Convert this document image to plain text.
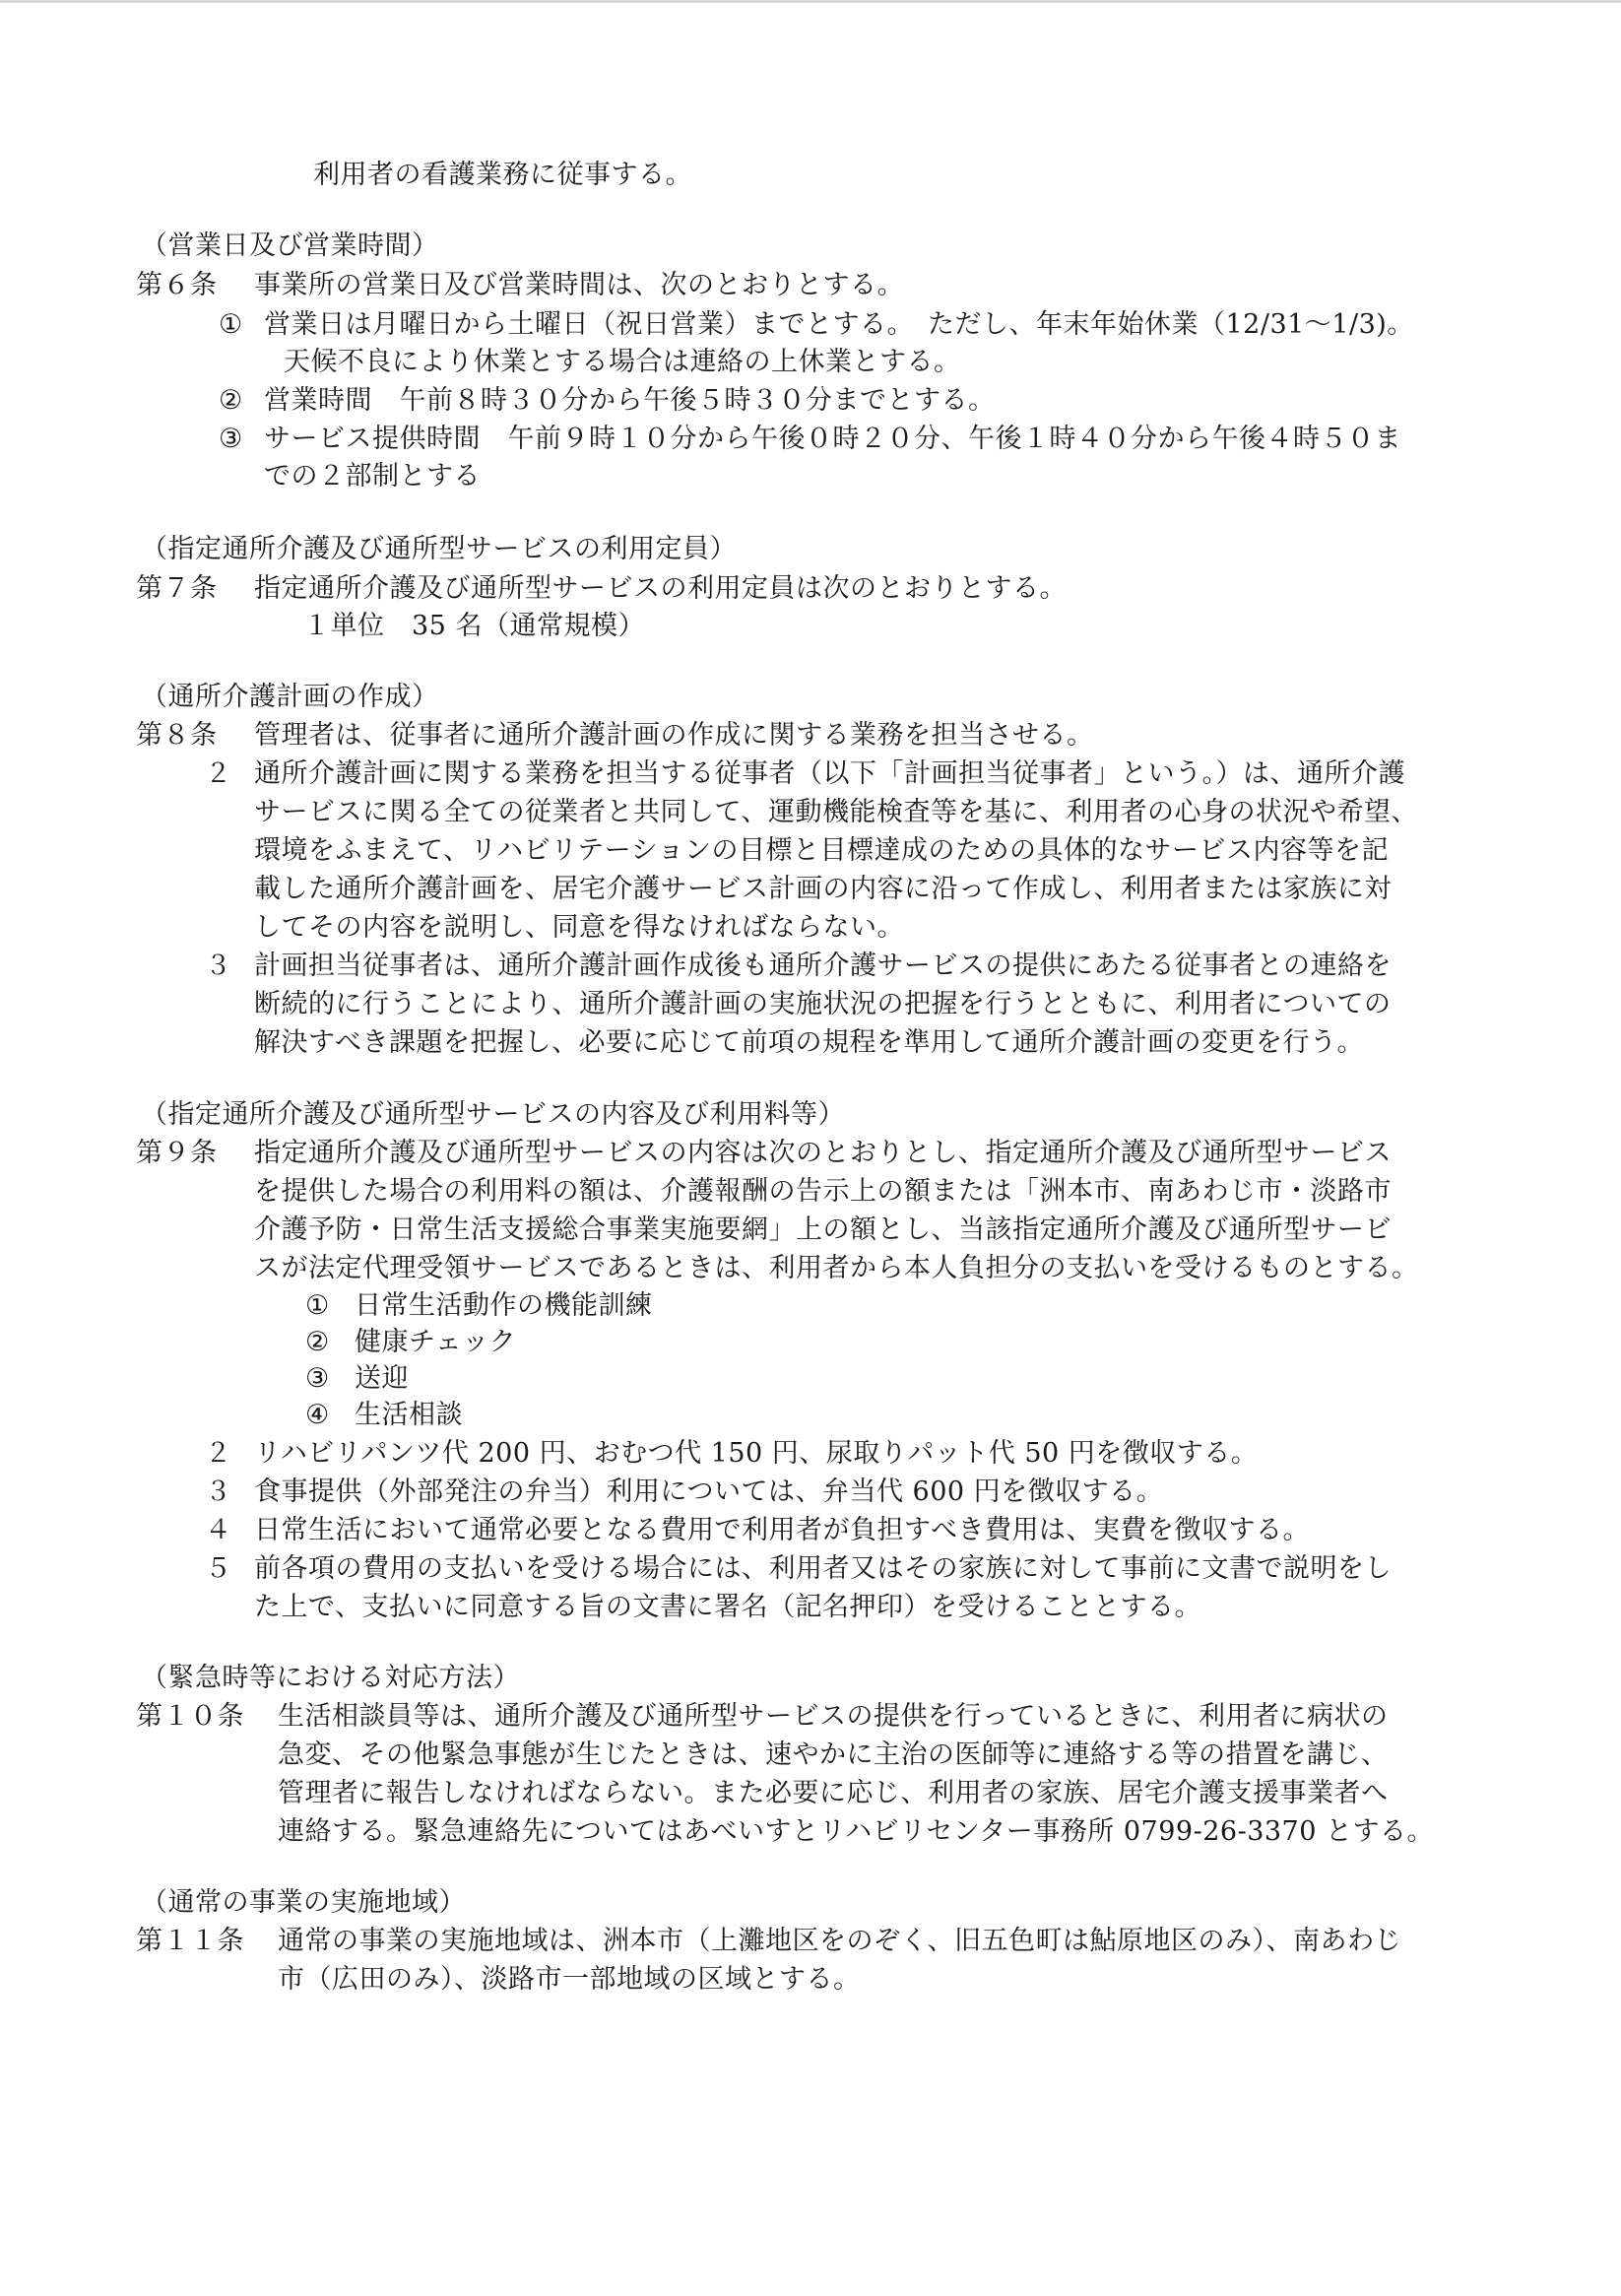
利用者の看護業務に従事する。
（営業日及び営業時間）
第６条 事業所の営業日及び営業時間は、次のとおりとする。
① 営業日は月曜日から土曜日（祝日営業）までとする。　ただし、年末年始休業（12/31〜1/3)。
天候不良により休業とする場合は連絡の上休業とする。
② 営業時間　午前８時３０分から午後５時３０分までとする。
③ サービス提供時間　午前９時１０分から午後０時２０分、午後１時４０分から午後４時５０ま
での２部制とする
（指定通所介護及び通所型サービスの利用定員）
第７条 指定通所介護及び通所型サービスの利用定員は次のとおりとする。
１単位　35 名（通常規模）
（通所介護計画の作成）
第８条 管理者は、従事者に通所介護計画の作成に関する業務を担当させる。
２ 通所介護計画に関する業務を担当する従事者（以下「計画担当従事者」という。）は、通所介護
サービスに関る全ての従業者と共同して、運動機能検査等を基に、利用者の心身の状況や希望、
環境をふまえて、リハビリテーションの目標と目標達成のための具体的なサービス内容等を記
載した通所介護計画を、居宅介護サービス計画の内容に沿って作成し、利用者または家族に対
してその内容を説明し、同意を得なければならない。
３ 計画担当従事者は、通所介護計画作成後も通所介護サービスの提供にあたる従事者との連絡を
断続的に行うことにより、通所介護計画の実施状況の把握を行うとともに、利用者についての
解決すべき課題を把握し、必要に応じて前項の規程を準用して通所介護計画の変更を行う。
（指定通所介護及び通所型サービスの内容及び利用料等）
第９条 指定通所介護及び通所型サービスの内容は次のとおりとし、指定通所介護及び通所型サービス
を提供した場合の利用料の額は、介護報酬の告示上の額または「洲本市、南あわじ市・淡路市
介護予防・日常生活支援総合事業実施要網」上の額とし、当該指定通所介護及び通所型サービ
スが法定代理受領サービスであるときは、利用者から本人負担分の支払いを受けるものとする。
① 日常生活動作の機能訓練
② 健康チェック
③ 送迎
④ 生活相談
２ リハビリパンツ代 200 円、おむつ代 150 円、尿取りパット代 50 円を徴収する。
３ 食事提供（外部発注の弁当）利用については、弁当代 600 円を徴収する。
４ 日常生活において通常必要となる費用で利用者が負担すべき費用は、実費を徴収する。
５ 前各項の費用の支払いを受ける場合には、利用者又はその家族に対して事前に文書で説明をし
た上で、支払いに同意する旨の文書に署名（記名押印）を受けることとする。
（緊急時等における対応方法）
第１０条 生活相談員等は、通所介護及び通所型サービスの提供を行っているときに、利用者に病状の
急変、その他緊急事態が生じたときは、速やかに主治の医師等に連絡する等の措置を講じ、
管理者に報告しなければならない。また必要に応じ、利用者の家族、居宅介護支援事業者へ
連絡する。緊急連絡先についてはあべいすとリハビリセンター事務所 0799-26-3370 とする。
（通常の事業の実施地域）
第１１条 通常の事業の実施地域は、洲本市（上灘地区をのぞく、旧五色町は鮎原地区のみ）、南あわじ
市（広田のみ）、淡路市一部地域の区域とする。
